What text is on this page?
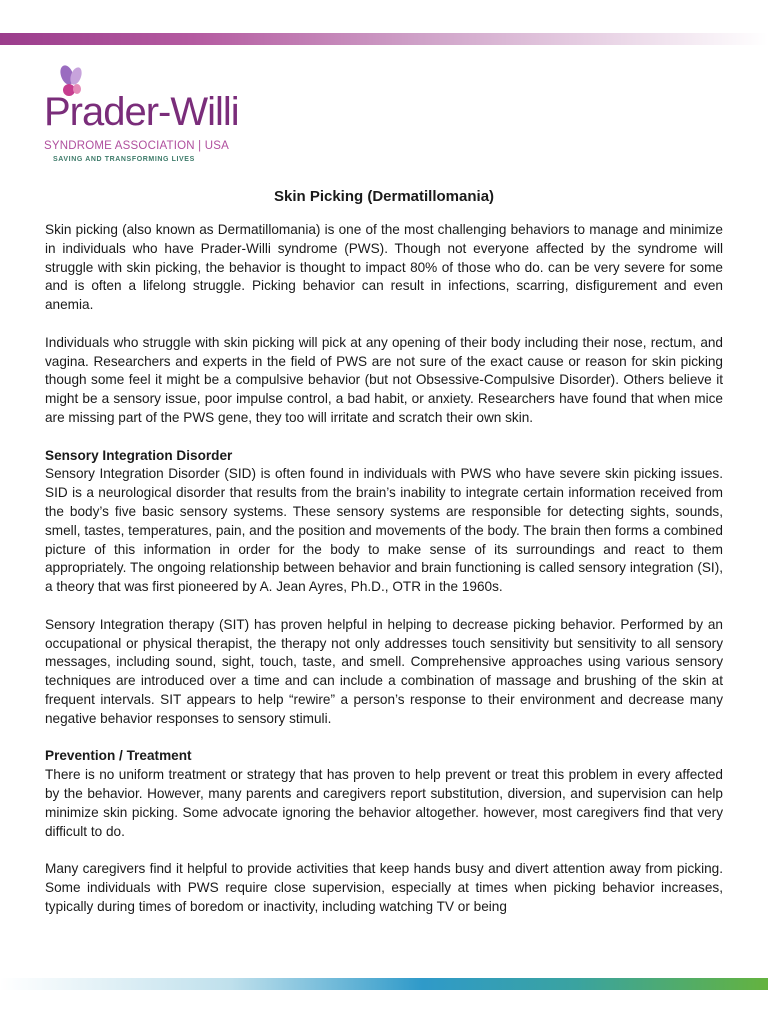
Prader-Willi
SYNDROME ASSOCIATION | USA
SAVING AND TRANSFORMING LIVES
Skin Picking (Dermatillomania)

Skin picking (also known as Dermatillomania) is one of the most challenging behaviors to manage and minimize in individuals who have Prader-Willi syndrome (PWS). Though not everyone affected by the syndrome will struggle with skin picking, the behavior is thought to impact 80% of those who do. can be very severe for some and is often a lifelong struggle. Picking behavior can result in infections, scarring, disfigurement and even anemia.

Individuals who struggle with skin picking will pick at any opening of their body including their nose, rectum, and vagina. Researchers and experts in the field of PWS are not sure of the exact cause or reason for skin picking though some feel it might be a compulsive behavior (but not Obsessive-Compulsive Disorder). Others believe it might be a sensory issue, poor impulse control, a bad habit, or anxiety. Researchers have found that when mice are missing part of the PWS gene, they too will irritate and scratch their own skin.

Sensory Integration Disorder

Sensory Integration Disorder (SID) is often found in individuals with PWS who have severe skin picking issues. SID is a neurological disorder that results from the brain’s inability to integrate certain information received from the body’s five basic sensory systems. These sensory systems are responsible for detecting sights, sounds, smell, tastes, temperatures, pain, and the position and movements of the body. The brain then forms a combined picture of this information in order for the body to make sense of its surroundings and react to them appropriately. The ongoing relationship between behavior and brain functioning is called sensory integration (SI), a theory that was first pioneered by A. Jean Ayres, Ph.D., OTR in the 1960s.

Sensory Integration therapy (SIT) has proven helpful in helping to decrease picking behavior. Performed by an occupational or physical therapist, the therapy not only addresses touch sensitivity but sensitivity to all sensory messages, including sound, sight, touch, taste, and smell. Comprehensive approaches using various sensory techniques are introduced over a time and can include a combination of massage and brushing of the skin at frequent intervals. SIT appears to help “rewire” a person’s response to their environment and decrease many negative behavior responses to sensory stimuli.

Prevention / Treatment

There is no uniform treatment or strategy that has proven to help prevent or treat this problem in every affected by the behavior. However, many parents and caregivers report substitution, diversion, and supervision can help minimize skin picking. Some advocate ignoring the behavior altogether. however, most caregivers find that very difficult to do.

Many caregivers find it helpful to provide activities that keep hands busy and divert attention away from picking. Some individuals with PWS require close supervision, especially at times when picking behavior increases, typically during times of boredom or inactivity, including watching TV or being
